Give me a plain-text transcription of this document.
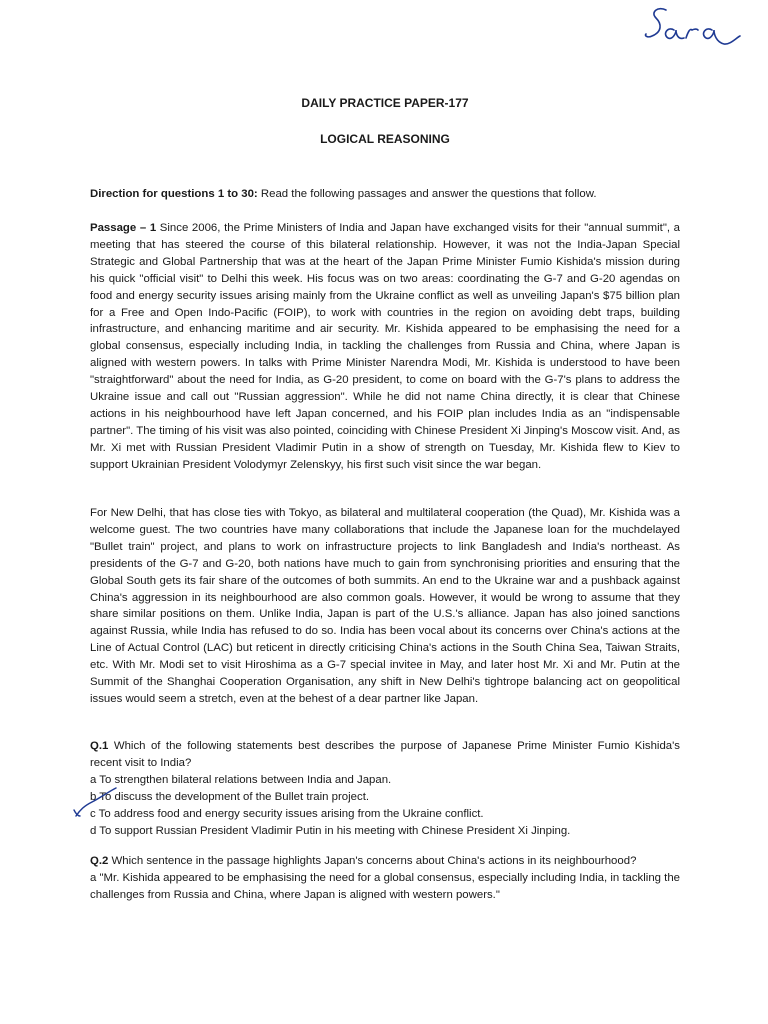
DAILY PRACTICE PAPER-177
LOGICAL REASONING

Direction for questions 1 to 30: Read the following passages and answer the questions that follow.

Passage – 1 Since 2006, the Prime Ministers of India and Japan have exchanged visits for their "annual summit", a meeting that has steered the course of this bilateral relationship. However, it was not the India-Japan Special Strategic and Global Partnership that was at the heart of the Japan Prime Minister Fumio Kishida's mission during his quick "official visit" to Delhi this week. His focus was on two areas: coordinating the G-7 and G-20 agendas on food and energy security issues arising mainly from the Ukraine conflict as well as unveiling Japan's $75 billion plan for a Free and Open Indo-Pacific (FOIP), to work with countries in the region on avoiding debt traps, building infrastructure, and enhancing maritime and air security. Mr. Kishida appeared to be emphasising the need for a global consensus, especially including India, in tackling the challenges from Russia and China, where Japan is aligned with western powers. In talks with Prime Minister Narendra Modi, Mr. Kishida is understood to have been "straightforward" about the need for India, as G-20 president, to come on board with the G-7's plans to address the Ukraine issue and call out "Russian aggression". While he did not name China directly, it is clear that Chinese actions in his neighbourhood have left Japan concerned, and his FOIP plan includes India as an "indispensable partner". The timing of his visit was also pointed, coinciding with Chinese President Xi Jinping's Moscow visit. And, as Mr. Xi met with Russian President Vladimir Putin in a show of strength on Tuesday, Mr. Kishida flew to Kiev to support Ukrainian President Volodymyr Zelenskyy, his first such visit since the war began.

For New Delhi, that has close ties with Tokyo, as bilateral and multilateral cooperation (the Quad), Mr. Kishida was a welcome guest. The two countries have many collaborations that include the Japanese loan for the muchdelayed "Bullet train" project, and plans to work on infrastructure projects to link Bangladesh and India's northeast. As presidents of the G-7 and G-20, both nations have much to gain from synchronising priorities and ensuring that the Global South gets its fair share of the outcomes of both summits. An end to the Ukraine war and a pushback against China's aggression in its neighbourhood are also common goals. However, it would be wrong to assume that they share similar positions on them. Unlike India, Japan is part of the U.S.'s alliance. Japan has also joined sanctions against Russia, while India has refused to do so. India has been vocal about its concerns over China's actions at the Line of Actual Control (LAC) but reticent in directly criticising China's actions in the South China Sea, Taiwan Straits, etc. With Mr. Modi set to visit Hiroshima as a G-7 special invitee in May, and later host Mr. Xi and Mr. Putin at the Summit of the Shanghai Cooperation Organisation, any shift in New Delhi's tightrope balancing act on geopolitical issues would seem a stretch, even at the behest of a dear partner like Japan.

Q.1 Which of the following statements best describes the purpose of Japanese Prime Minister Fumio Kishida's recent visit to India?

a To strengthen bilateral relations between India and Japan.

b To discuss the development of the Bullet train project.

c To address food and energy security issues arising from the Ukraine conflict.

d To support Russian President Vladimir Putin in his meeting with Chinese President Xi Jinping.

Q.2 Which sentence in the passage highlights Japan's concerns about China's actions in its neighbourhood?

a "Mr. Kishida appeared to be emphasising the need for a global consensus, especially including India, in tackling the challenges from Russia and China, where Japan is aligned with western powers."
